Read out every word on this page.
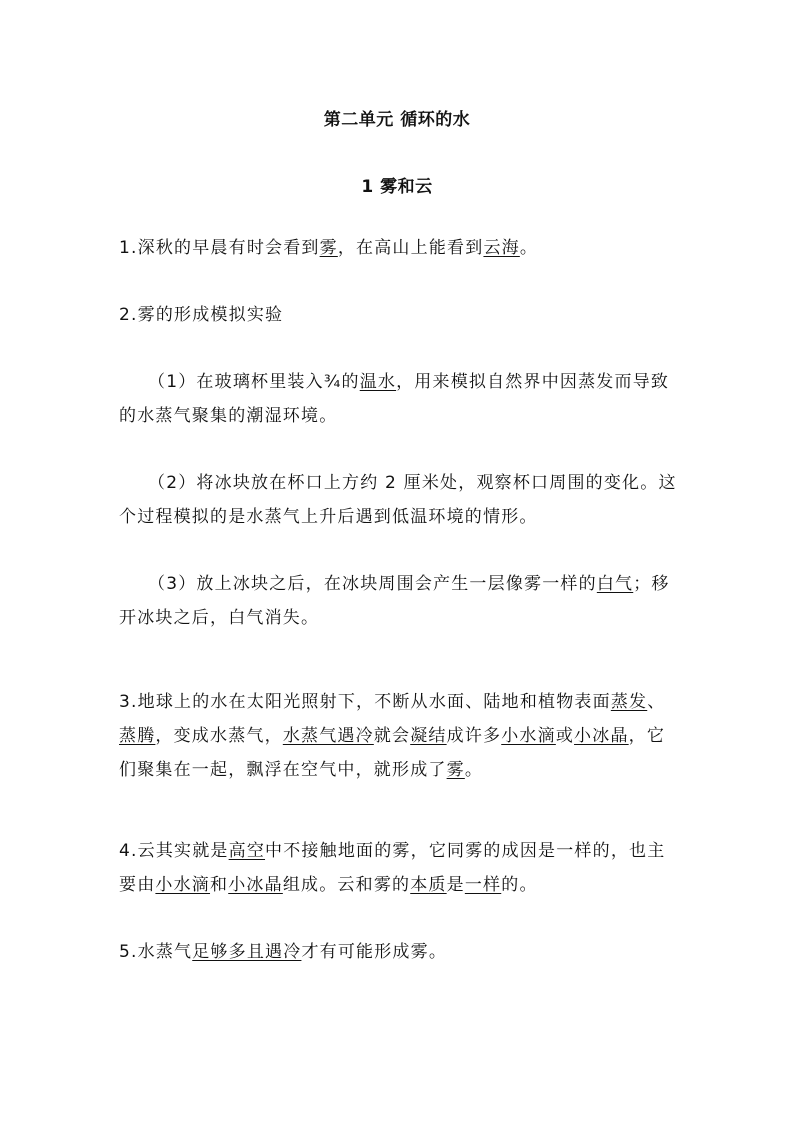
第二单元 循环的水
1 雾和云

1.深秋的早晨有时会看到雾，在高山上能看到云海。

2.雾的形成模拟实验

（1）在玻璃杯里装入¾的温水，用来模拟自然界中因蒸发而导致的水蒸气聚集的潮湿环境。

（2）将冰块放在杯口上方约 2 厘米处，观察杯口周围的变化。这个过程模拟的是水蒸气上升后遇到低温环境的情形。

（3）放上冰块之后，在冰块周围会产生一层像雾一样的白气；移开冰块之后，白气消失。

3.地球上的水在太阳光照射下，不断从水面、陆地和植物表面蒸发、蒸腾，变成水蒸气，水蒸气遇冷就会凝结成许多小水滴或小冰晶，它们聚集在一起，飘浮在空气中，就形成了雾。

4.云其实就是高空中不接触地面的雾，它同雾的成因是一样的，也主要由小水滴和小冰晶组成。云和雾的本质是一样的。

5.水蒸气足够多且遇冷才有可能形成雾。
